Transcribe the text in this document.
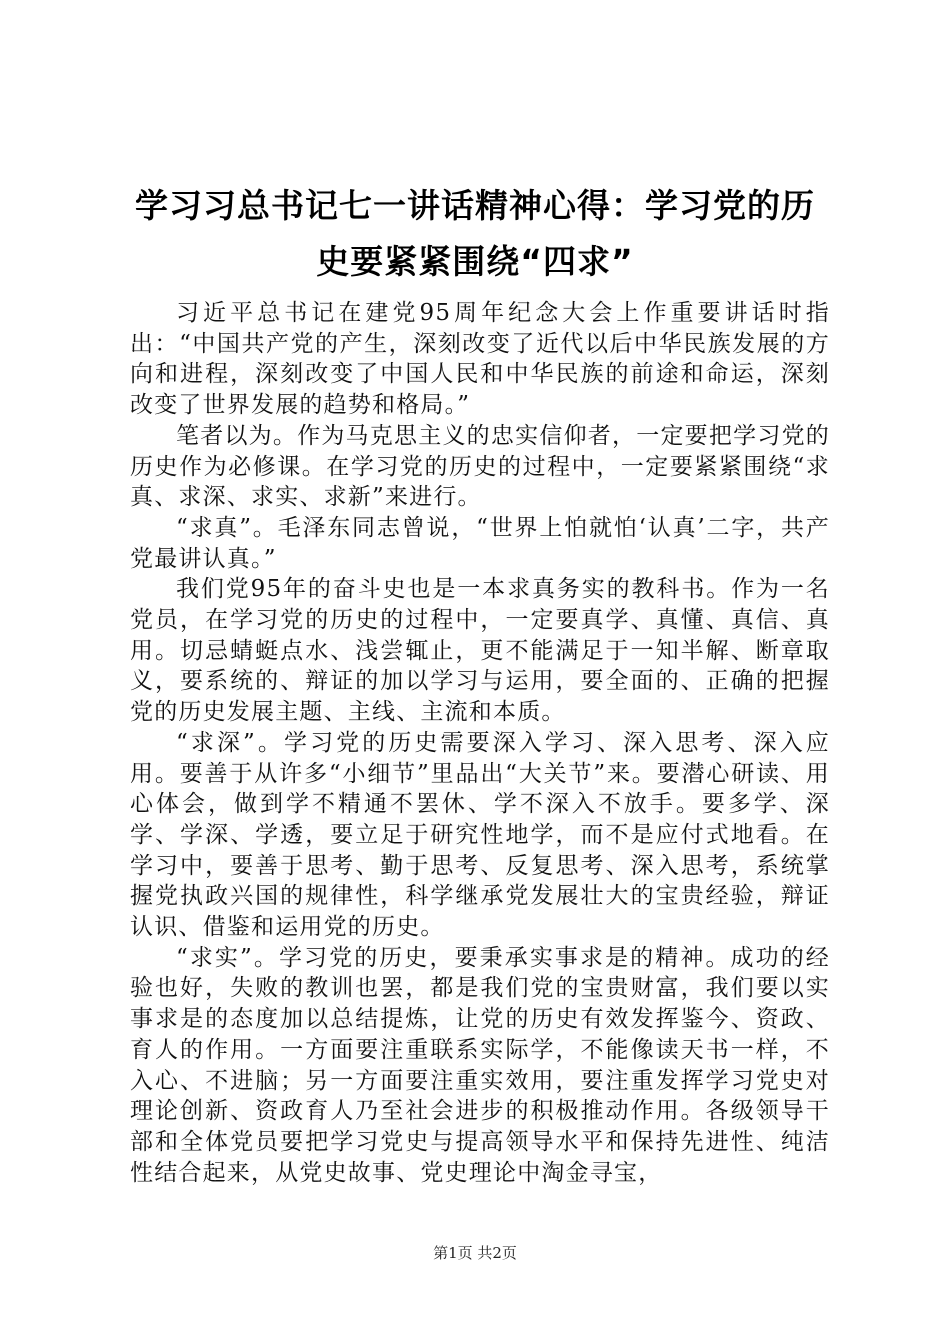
学习习总书记七一讲话精神心得：学习党的历
史要紧紧围绕“四求”

习近平总书记在建党95周年纪念大会上作重要讲话时指出：“中国共产党的产生，深刻改变了近代以后中华民族发展的方向和进程，深刻改变了中国人民和中华民族的前途和命运，深刻改变了世界发展的趋势和格局。”

笔者以为。作为马克思主义的忠实信仰者，一定要把学习党的历史作为必修课。在学习党的历史的过程中，一定要紧紧围绕“求真、求深、求实、求新”来进行。

“求真”。毛泽东同志曾说，“世界上怕就怕‘认真’二字，共产党最讲认真。”

我们党95年的奋斗史也是一本求真务实的教科书。作为一名党员，在学习党的历史的过程中，一定要真学、真懂、真信、真用。切忌蜻蜓点水、浅尝辄止，更不能满足于一知半解、断章取义，要系统的、辩证的加以学习与运用，要全面的、正确的把握党的历史发展主题、主线、主流和本质。

“求深”。学习党的历史需要深入学习、深入思考、深入应用。要善于从许多“小细节”里品出“大关节”来。要潜心研读、用心体会，做到学不精通不罢休、学不深入不放手。要多学、深学、学深、学透，要立足于研究性地学，而不是应付式地看。在学习中，要善于思考、勤于思考、反复思考、深入思考，系统掌握党执政兴国的规律性，科学继承党发展壮大的宝贵经验，辩证认识、借鉴和运用党的历史。

“求实”。学习党的历史，要秉承实事求是的精神。成功的经验也好，失败的教训也罢，都是我们党的宝贵财富，我们要以实事求是的态度加以总结提炼，让党的历史有效发挥鉴今、资政、育人的作用。一方面要注重联系实际学，不能像读天书一样，不入心、不进脑；另一方面要注重实效用，要注重发挥学习党史对理论创新、资政育人乃至社会进步的积极推动作用。各级领导干部和全体党员要把学习党史与提高领导水平和保持先进性、纯洁性结合起来，从党史故事、党史理论中淘金寻宝，

第1页 共2页
